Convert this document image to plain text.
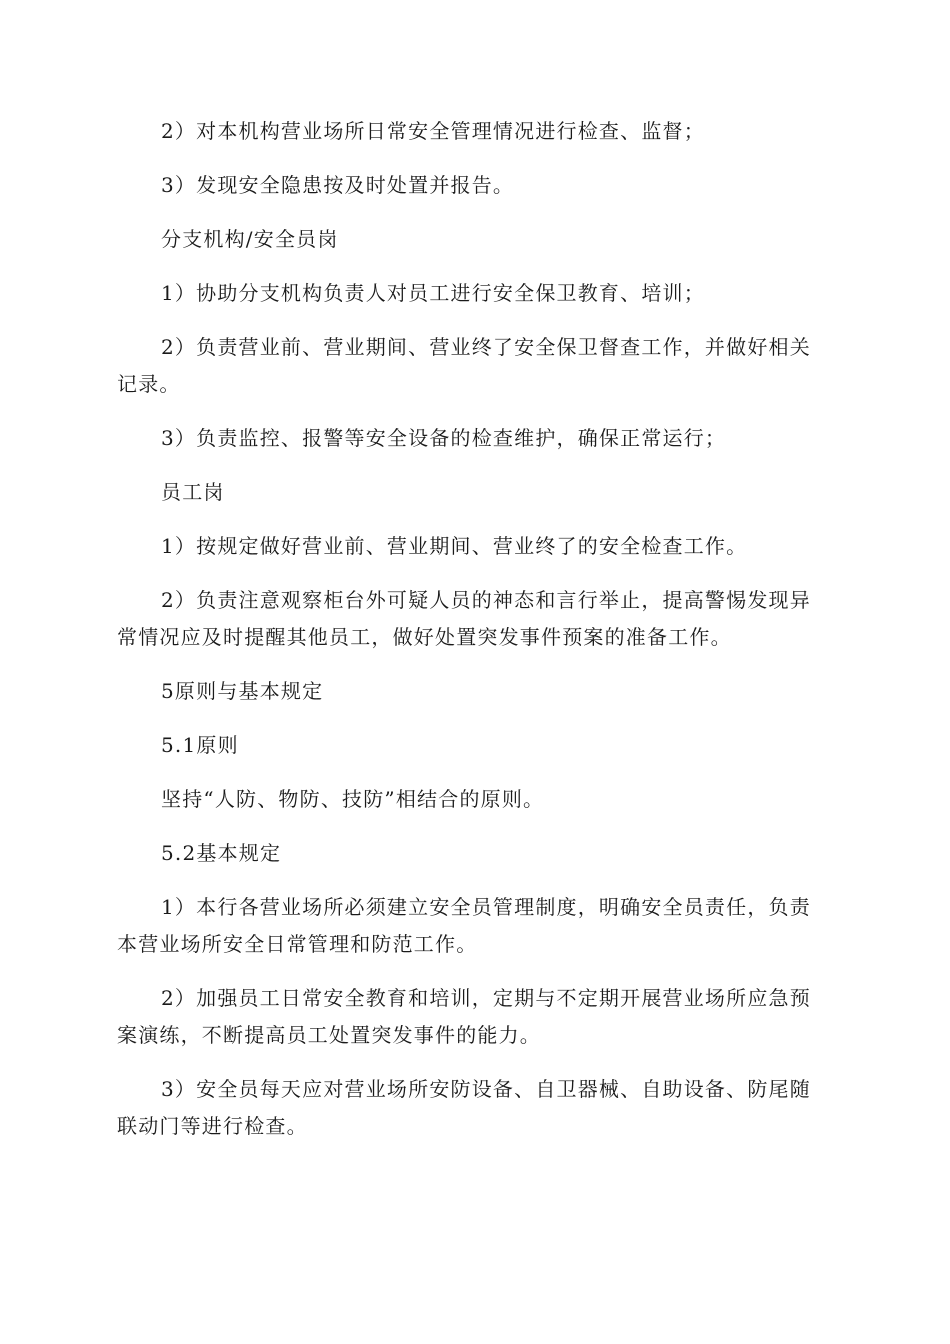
2）对本机构营业场所日常安全管理情况进行检查、监督；

3）发现安全隐患按及时处置并报告。

分支机构/安全员岗

1）协助分支机构负责人对员工进行安全保卫教育、培训；

2）负责营业前、营业期间、营业终了安全保卫督查工作，并做好相关记录。

3）负责监控、报警等安全设备的检查维护，确保正常运行；

员工岗

1）按规定做好营业前、营业期间、营业终了的安全检查工作。

2）负责注意观察柜台外可疑人员的神态和言行举止，提高警惕发现异常情况应及时提醒其他员工，做好处置突发事件预案的准备工作。

5原则与基本规定

5.1原则

坚持“人防、物防、技防”相结合的原则。

5.2基本规定

1）本行各营业场所必须建立安全员管理制度，明确安全员责任，负责本营业场所安全日常管理和防范工作。

2）加强员工日常安全教育和培训，定期与不定期开展营业场所应急预案演练，不断提高员工处置突发事件的能力。

3）安全员每天应对营业场所安防设备、自卫器械、自助设备、防尾随联动门等进行检查。
